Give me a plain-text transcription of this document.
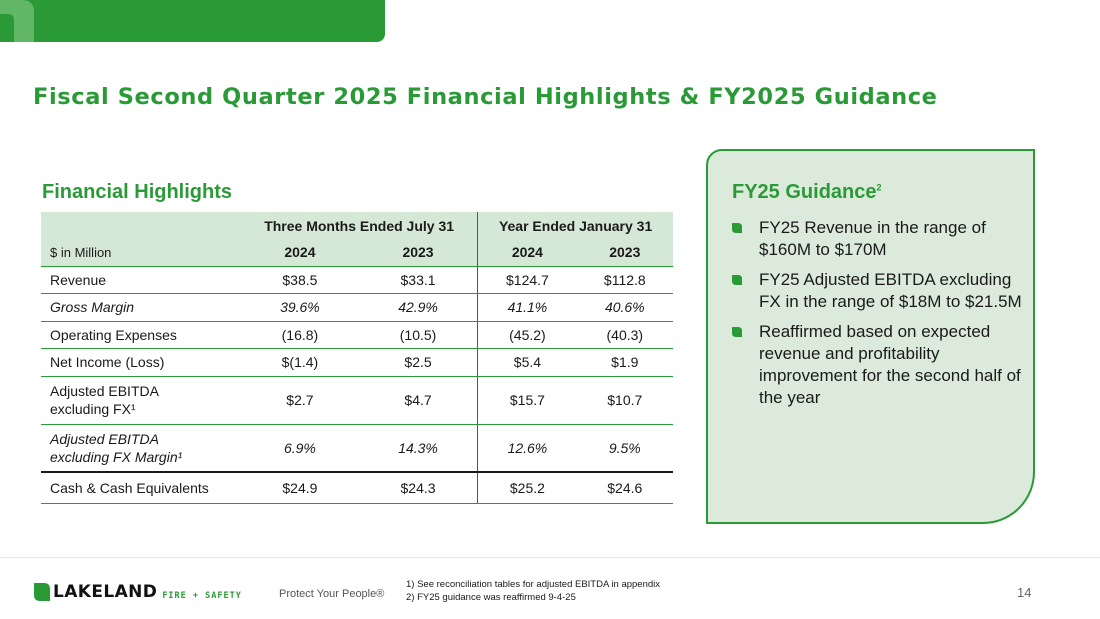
Fiscal Second Quarter 2025 Financial Highlights & FY2025 Guidance
Financial Highlights
	Three Months Ended July 31		Year Ended January 31	
$ in Million	2024	2023	2024	2023
Revenue	$38.5	$33.1	$124.7	$112.8
Gross Margin	39.6%	42.9%	41.1%	40.6%
Operating Expenses	(16.8)	(10.5)	(45.2)	(40.3)
Net Income (Loss)	$(1.4)	$2.5	$5.4	$1.9

Adjusted EBITDA
excluding FX¹	$2.7	$4.7	$15.7	$10.7

Adjusted EBITDA
excluding FX Margin¹	6.9%	14.3%	12.6%	9.5%
Cash & Cash Equivalents	$24.9	$24.3	$25.2	$24.6
FY25 Guidance$^2$
FY25 Revenue in the range of $160M to $170M
FY25 Adjusted EBITDA excluding FX in the range of $18M to $21.5M
Reaffirmed based on expected revenue and profitability improvement for the second half of the year
LAKELAND FIRE + SAFETY	Protect Your People®
1) See reconciliation tables for adjusted EBITDA in appendix
2) FY25 guidance was reaffirmed 9-4-25	14
